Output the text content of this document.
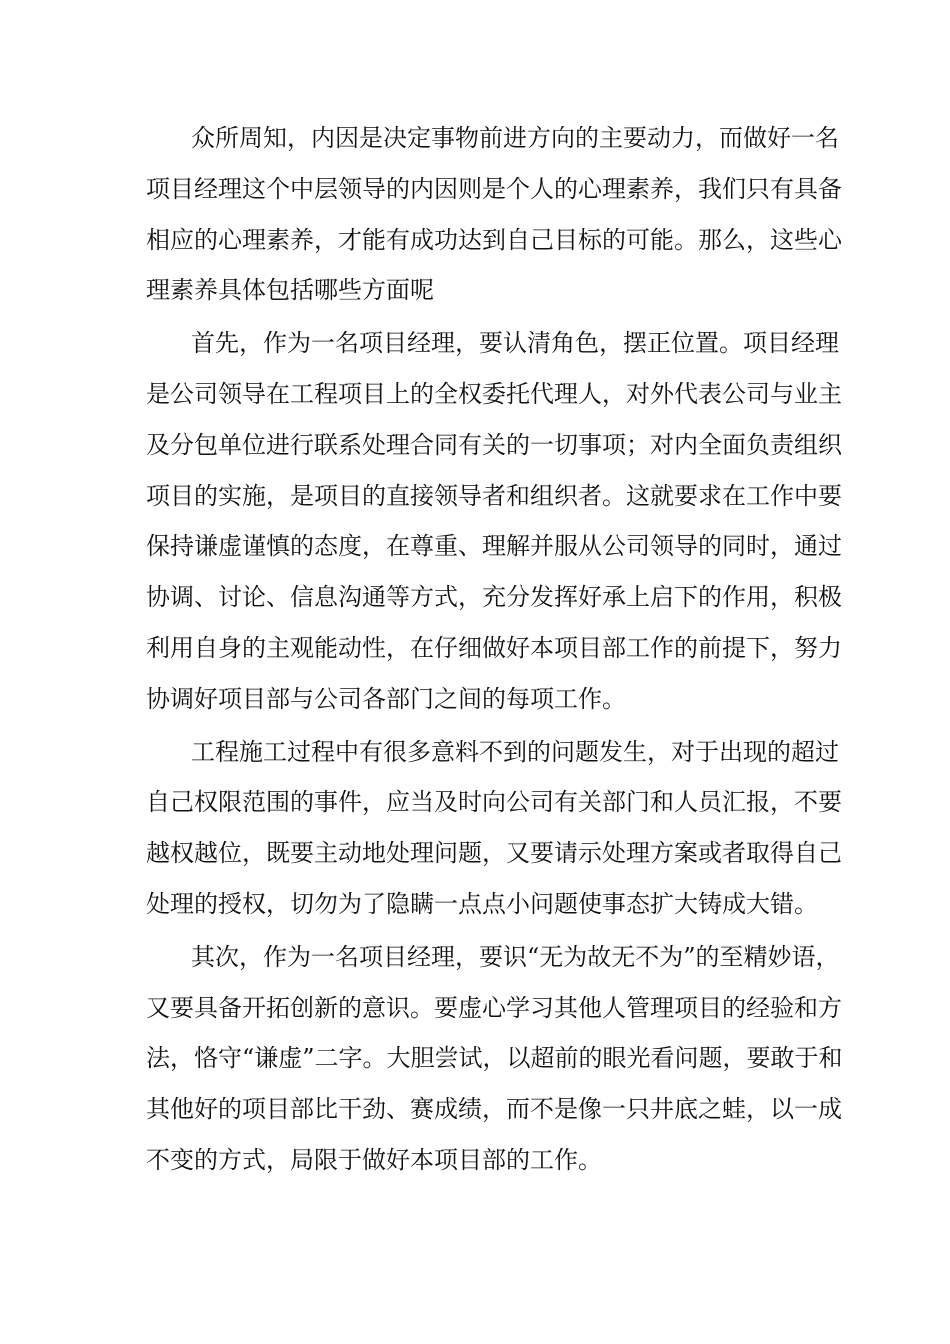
众所周知，内因是决定事物前进方向的主要动力，而做好一名
项目经理这个中层领导的内因则是个人的心理素养，我们只有具备
相应的心理素养，才能有成功达到自己目标的可能。那么，这些心
理素养具体包括哪些方面呢
首先，作为一名项目经理，要认清角色，摆正位置。项目经理
是公司领导在工程项目上的全权委托代理人，对外代表公司与业主
及分包单位进行联系处理合同有关的一切事项；对内全面负责组织
项目的实施，是项目的直接领导者和组织者。这就要求在工作中要
保持谦虚谨慎的态度，在尊重、理解并服从公司领导的同时，通过
协调、讨论、信息沟通等方式，充分发挥好承上启下的作用，积极
利用自身的主观能动性，在仔细做好本项目部工作的前提下，努力
协调好项目部与公司各部门之间的每项工作。
工程施工过程中有很多意料不到的问题发生，对于出现的超过
自己权限范围的事件，应当及时向公司有关部门和人员汇报，不要
越权越位，既要主动地处理问题，又要请示处理方案或者取得自己
处理的授权，切勿为了隐瞒一点点小问题使事态扩大铸成大错。
其次，作为一名项目经理，要识“无为故无不为”的至精妙语，
又要具备开拓创新的意识。要虚心学习其他人管理项目的经验和方
法，恪守“谦虚”二字。大胆尝试，以超前的眼光看问题，要敢于和
其他好的项目部比干劲、赛成绩，而不是像一只井底之蛙，以一成
不变的方式，局限于做好本项目部的工作。
